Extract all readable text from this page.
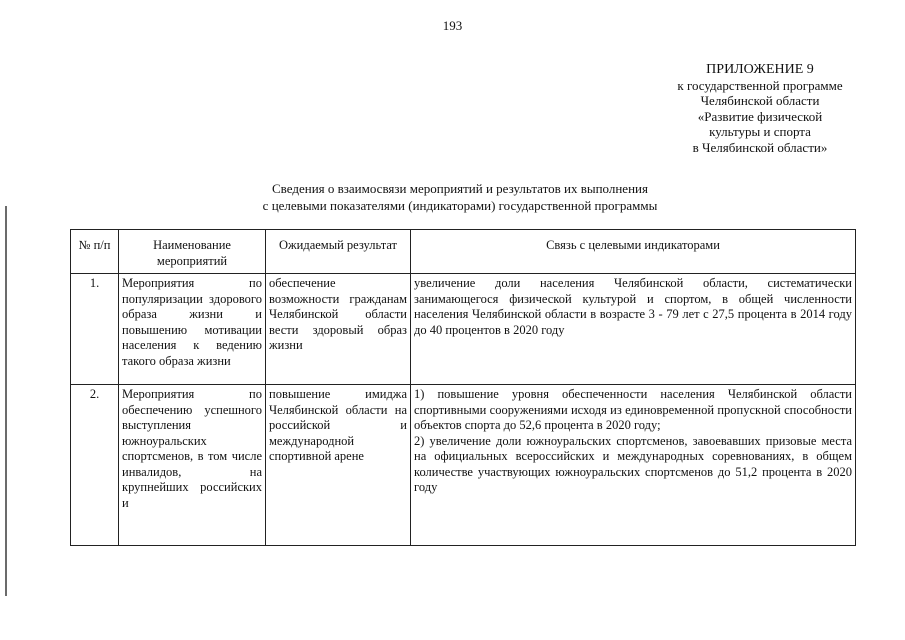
193
ПРИЛОЖЕНИЕ 9
к государственной программе
Челябинской области
«Развитие физической
культуры и спорта
в Челябинской области»
Сведения о взаимосвязи мероприятий и результатов их выполнения
с целевыми показателями (индикаторами) государственной программы
№ п/п	Наименование мероприятий	Ожидаемый результат	Связь с целевыми индикаторами
1.	Мероприятия по популяризации здорового образа жизни и повышению мотивации населения к ведению такого образа жизни	обеспечение возможности гражданам Челябинской области вести здоровый образ жизни	увеличение доли населения Челябинской области, систематически занимающегося физической культурой и спортом, в общей численности населения Челябинской области в возрасте 3 - 79 лет с 27,5 процента в 2014 году до 40 процентов в 2020 году

2.	Мероприятия по обеспечению успешного выступления южноуральских спортсменов, в том числе инвалидов, на крупнейших российских и	повышение имиджа Челябинской области на российской и международной спортивной арене	1) повышение уровня обеспеченности населения Челябинской области спортивными сооружениями исходя из единовременной пропускной способности объектов спорта до 52,6 процента в 2020 году;
2) увеличение доли южноуральских спортсменов, завоевавших призовые места на официальных всероссийских и международных соревнованиях, в общем количестве участвующих южноуральских спортсменов до 51,2 процента в 2020 году
